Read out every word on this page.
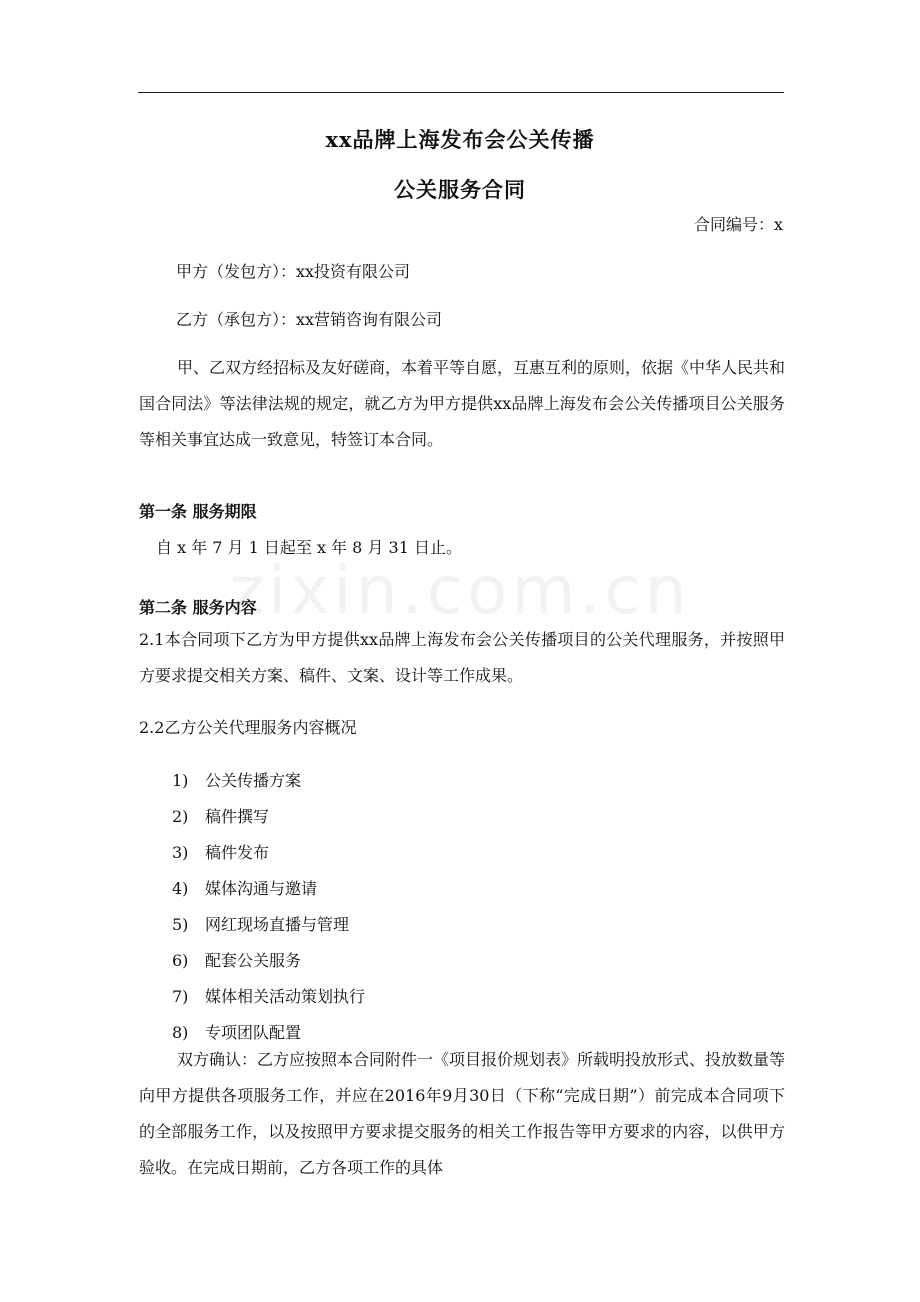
xx品牌上海发布会公关传播
公关服务合同
合同编号：x
甲方（发包方）：xx投资有限公司
乙方（承包方）：xx营销咨询有限公司
甲、乙双方经招标及友好磋商，本着平等自愿，互惠互利的原则，依据《中华人民共和国合同法》等法律法规的规定，就乙方为甲方提供xx品牌上海发布会公关传播项目公关服务等相关事宜达成一致意见，特签订本合同。
第一条 服务期限
自 x 年 7 月 1 日起至 x 年 8 月 31 日止。
第二条 服务内容
2.1本合同项下乙方为甲方提供xx品牌上海发布会公关传播项目的公关代理服务，并按照甲方要求提交相关方案、稿件、文案、设计等工作成果。
2.2乙方公关代理服务内容概况
1) 公关传播方案
2) 稿件撰写
3) 稿件发布
4) 媒体沟通与邀请
5) 网红现场直播与管理
6) 配套公关服务
7) 媒体相关活动策划执行
8) 专项团队配置
双方确认：乙方应按照本合同附件一《项目报价规划表》所载明投放形式、投放数量等向甲方提供各项服务工作，并应在2016年9月30日（下称“完成日期”）前完成本合同项下的全部服务工作，以及按照甲方要求提交服务的相关工作报告等甲方要求的内容，以供甲方验收。在完成日期前，乙方各项工作的具体
zixin.com.cn
